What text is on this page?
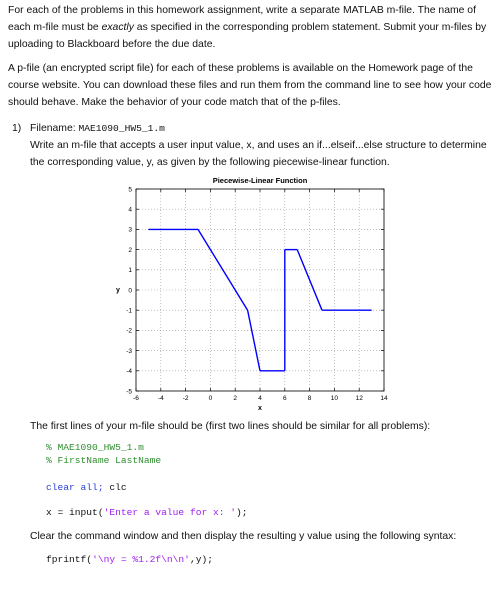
For each of the problems in this homework assignment, write a separate MATLAB m-file. The name of each m-file must be exactly as specified in the corresponding problem statement. Submit your m-files by uploading to Blackboard before the due date.
A p-file (an encrypted script file) for each of these problems is available on the Homework page of the course website. You can download these files and run them from the command line to see how your code should behave. Make the behavior of your code match that of the p-files.
1) Filename: MAE1090_HW5_1.m
Write an m-file that accepts a user input value, x, and uses an if...elseif...else structure to determine the corresponding value, y, as given by the following piecewise-linear function.
Piecewise-Linear Function
-6	-4	-2	0	2	4	6	8	10	12	14
-5
-4
-3
-2
-1
0
1
2
3
4
5
x
y
The first lines of your m-file should be (first two lines should be similar for all problems):
% MAE1090_HW5_1.m
% FirstName LastName
clear all; clc
x = input('Enter a value for x: ');
Clear the command window and then display the resulting y value using the following syntax:
fprintf('\ny = %1.2f\n\n',y);
